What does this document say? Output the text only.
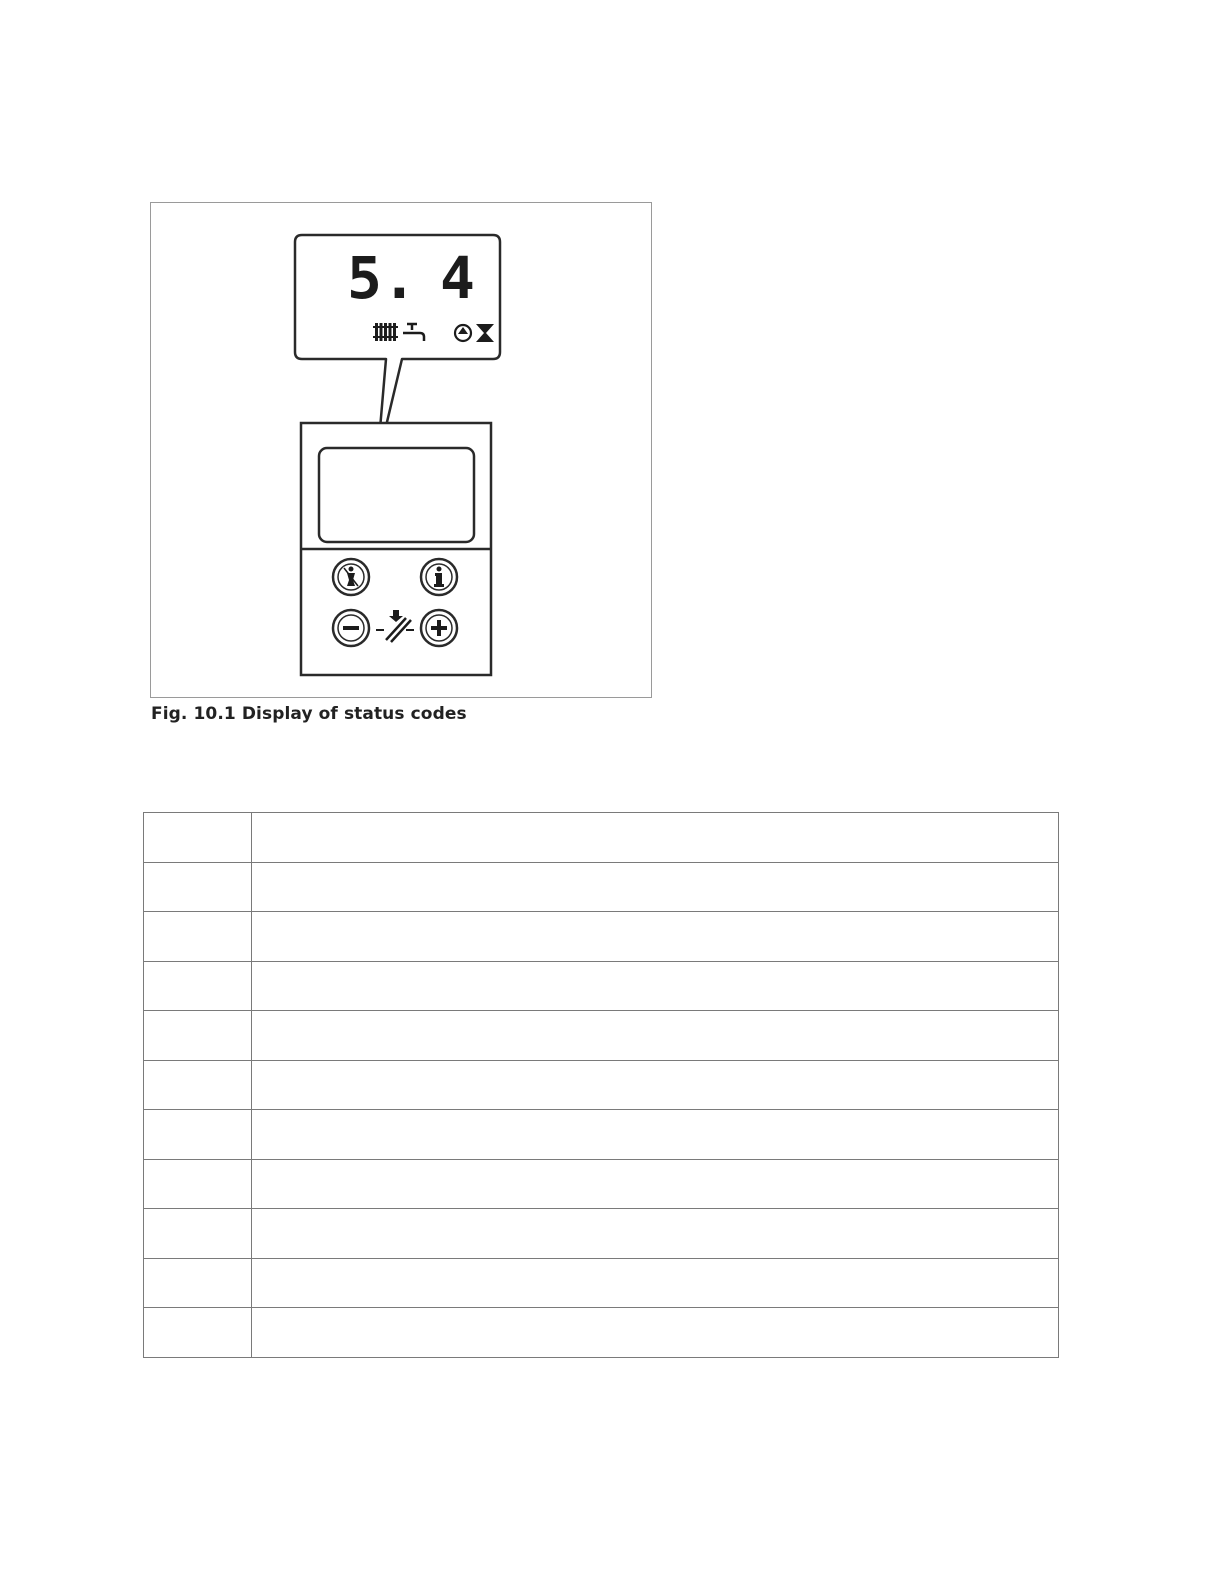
5. 4
Fig. 10.1 Display of status codes
